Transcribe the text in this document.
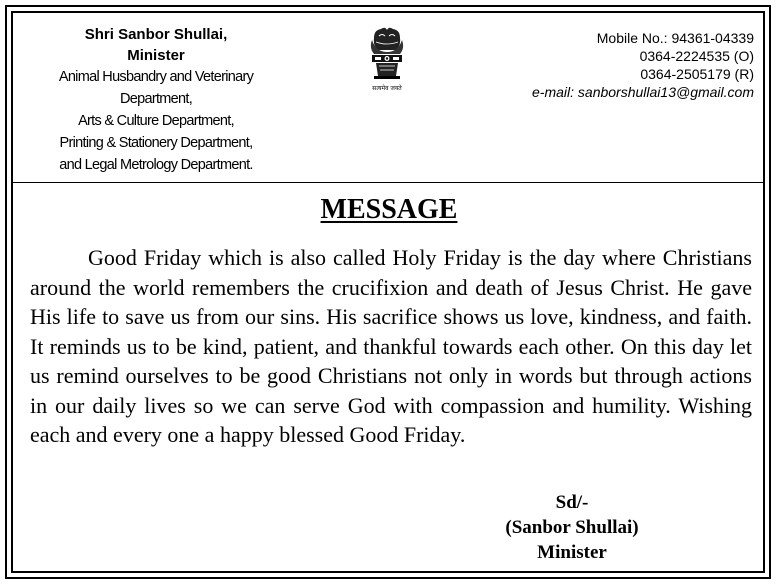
Shri Sanbor Shullai,
Minister
Animal Husbandry and Veterinary
Department,
Arts & Culture Department,
Printing & Stationery Department,
and Legal Metrology Department.
सत्यमेव जयते
Mobile No.: 94361-04339
0364-2224535 (O)
0364-2505179 (R)
e-mail: sanborshullai13@gmail.com
MESSAGE

Good Friday which is also called Holy Friday is the day where Christians around the world remembers the crucifixion and death of Jesus Christ. He gave His life to save us from our sins. His sacrifice shows us love, kindness, and faith. It reminds us to be kind, patient, and thankful towards each other. On this day let us remind ourselves to be good Christians not only in words but through actions in our daily lives so we can serve God with compassion and humility. Wishing each and every one a happy blessed Good Friday.

Sd/-
(Sanbor Shullai)
Minister
